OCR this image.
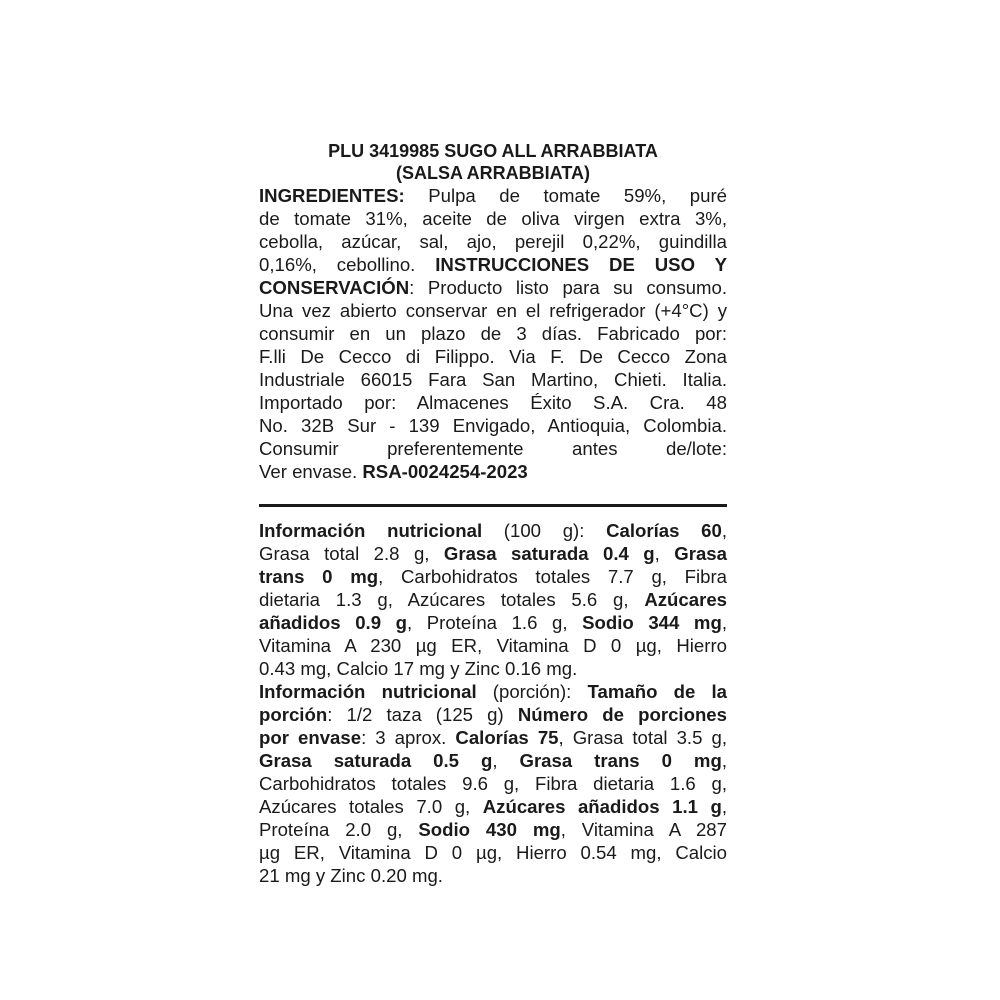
PLU 3419985 SUGO ALL ARRABBIATA
(SALSA ARRABBIATA)
INGREDIENTES: Pulpa de tomate 59%, puré
de tomate 31%, aceite de oliva virgen extra 3%,
cebolla, azúcar, sal, ajo, perejil 0,22%, guindilla
0,16%, cebollino. INSTRUCCIONES DE USO Y
CONSERVACIÓN: Producto listo para su consumo.
Una vez abierto conservar en el refrigerador (+4°C) y
consumir en un plazo de 3 días. Fabricado por:
F.lli De Cecco di Filippo. Via F. De Cecco Zona
Industriale 66015 Fara San Martino, Chieti. Italia.
Importado por: Almacenes Éxito S.A. Cra. 48
No. 32B Sur - 139 Envigado, Antioquia, Colombia.
Consumir preferentemente antes de/lote:
Ver envase. RSA-0024254-2023
Información nutricional (100 g): Calorías 60,
Grasa total 2.8 g, Grasa saturada 0.4 g, Grasa
trans 0 mg, Carbohidratos totales 7.7 g, Fibra
dietaria 1.3 g, Azúcares totales 5.6 g, Azúcares
añadidos 0.9 g, Proteína 1.6 g, Sodio 344 mg,
Vitamina A 230 µg ER, Vitamina D 0 µg, Hierro
0.43 mg, Calcio 17 mg y Zinc 0.16 mg.
Información nutricional (porción): Tamaño de la
porción: 1/2 taza (125 g) Número de porciones
por envase: 3 aprox. Calorías 75, Grasa total 3.5 g,
Grasa saturada 0.5 g, Grasa trans 0 mg,
Carbohidratos totales 9.6 g, Fibra dietaria 1.6 g,
Azúcares totales 7.0 g, Azúcares añadidos 1.1 g,
Proteína 2.0 g, Sodio 430 mg, Vitamina A 287
µg ER, Vitamina D 0 µg, Hierro 0.54 mg, Calcio
21 mg y Zinc 0.20 mg.
